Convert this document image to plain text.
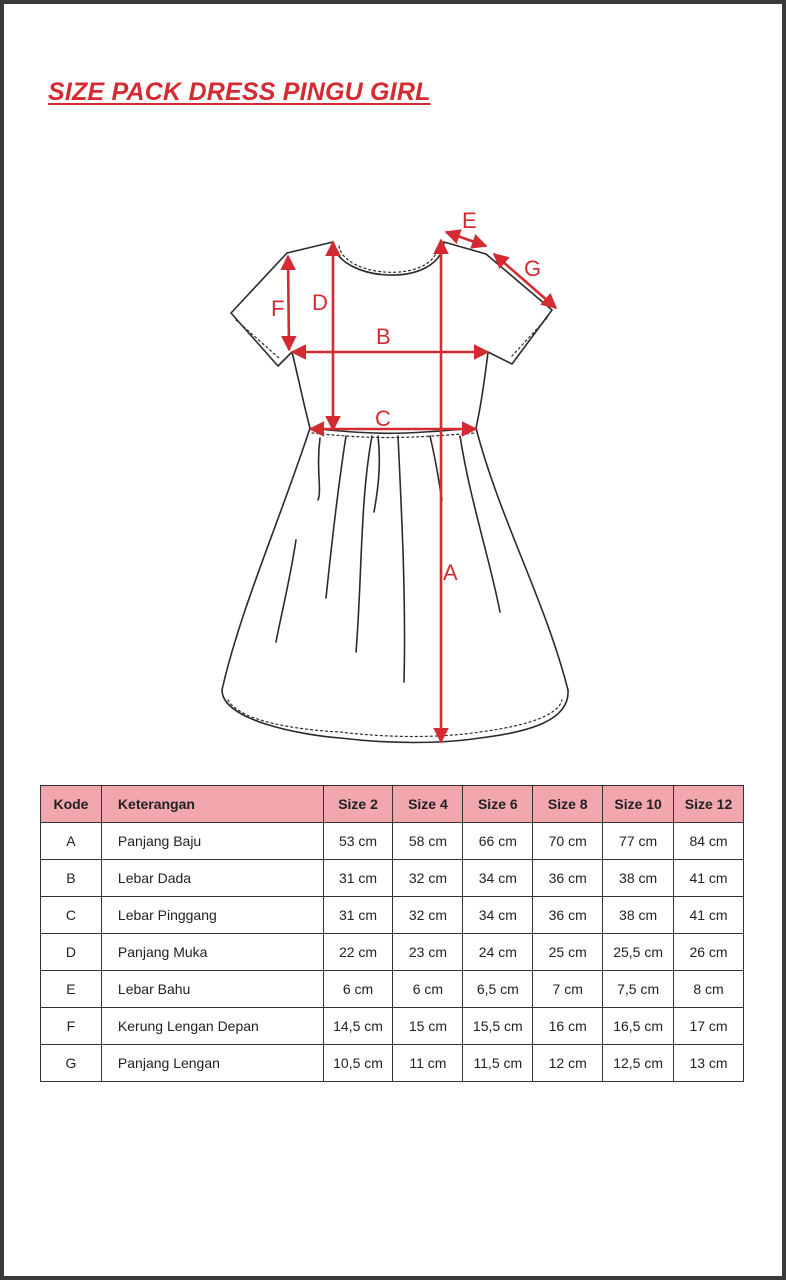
SIZE PACK DRESS PINGU GIRL
A
B
C
D
E
F
G
Kode	Keterangan	Size 2	Size 4	Size 6	Size 8	Size 10	Size 12
A	Panjang Baju	53 cm	58 cm	66 cm	70 cm	77 cm	84 cm
B	Lebar Dada	31 cm	32 cm	34 cm	36 cm	38 cm	41 cm
C	Lebar Pinggang	31 cm	32 cm	34 cm	36 cm	38 cm	41 cm
D	Panjang Muka	22 cm	23 cm	24 cm	25 cm	25,5 cm	26 cm
E	Lebar Bahu	6 cm	6 cm	6,5 cm	7 cm	7,5 cm	8 cm
F	Kerung Lengan Depan	14,5 cm	15 cm	15,5 cm	16 cm	16,5 cm	17 cm
G	Panjang Lengan	10,5 cm	11 cm	11,5 cm	12 cm	12,5 cm	13 cm
